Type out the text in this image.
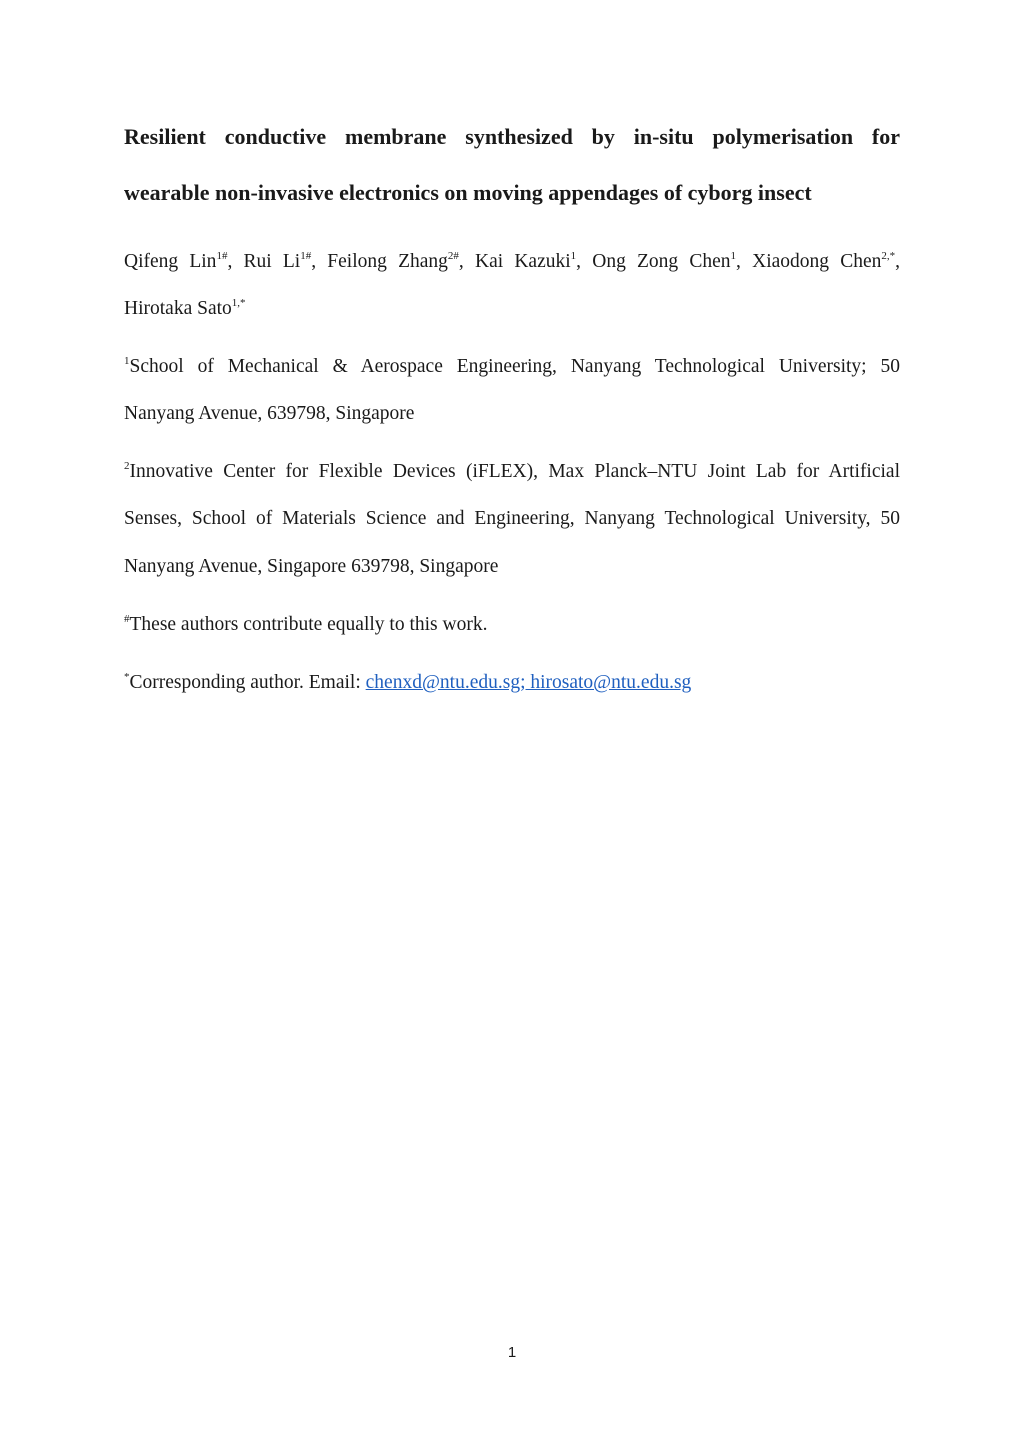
Resilient conductive membrane synthesized by in-situ polymerisation for
wearable non-invasive electronics on moving appendages of cyborg insect

Qifeng Lin$^{1\#}$, Rui $Li^{1\#}$, Feilong Zhang$^{2\#}$, Kai Kazuki$^1$, Ong Zong Chen$^1$, Xiaodong Chen$^{2,*}$,

Hirotaka Sato$^{1,*}$

$^1$School of Mechanical & Aerospace Engineering, Nanyang Technological University; 50

Nanyang Avenue, 639798, Singapore

$^2$Innovative Center for Flexible Devices (iFLEX), Max Planck–NTU Joint Lab for Artificial

Senses, School of Materials Science and Engineering, Nanyang Technological University, 50

Nanyang Avenue, Singapore 639798, Singapore

#These authors contribute equally to this work.

*Corresponding author. Email: chenxd@ntu.edu.sg; hirosato@ntu.edu.sg

1
